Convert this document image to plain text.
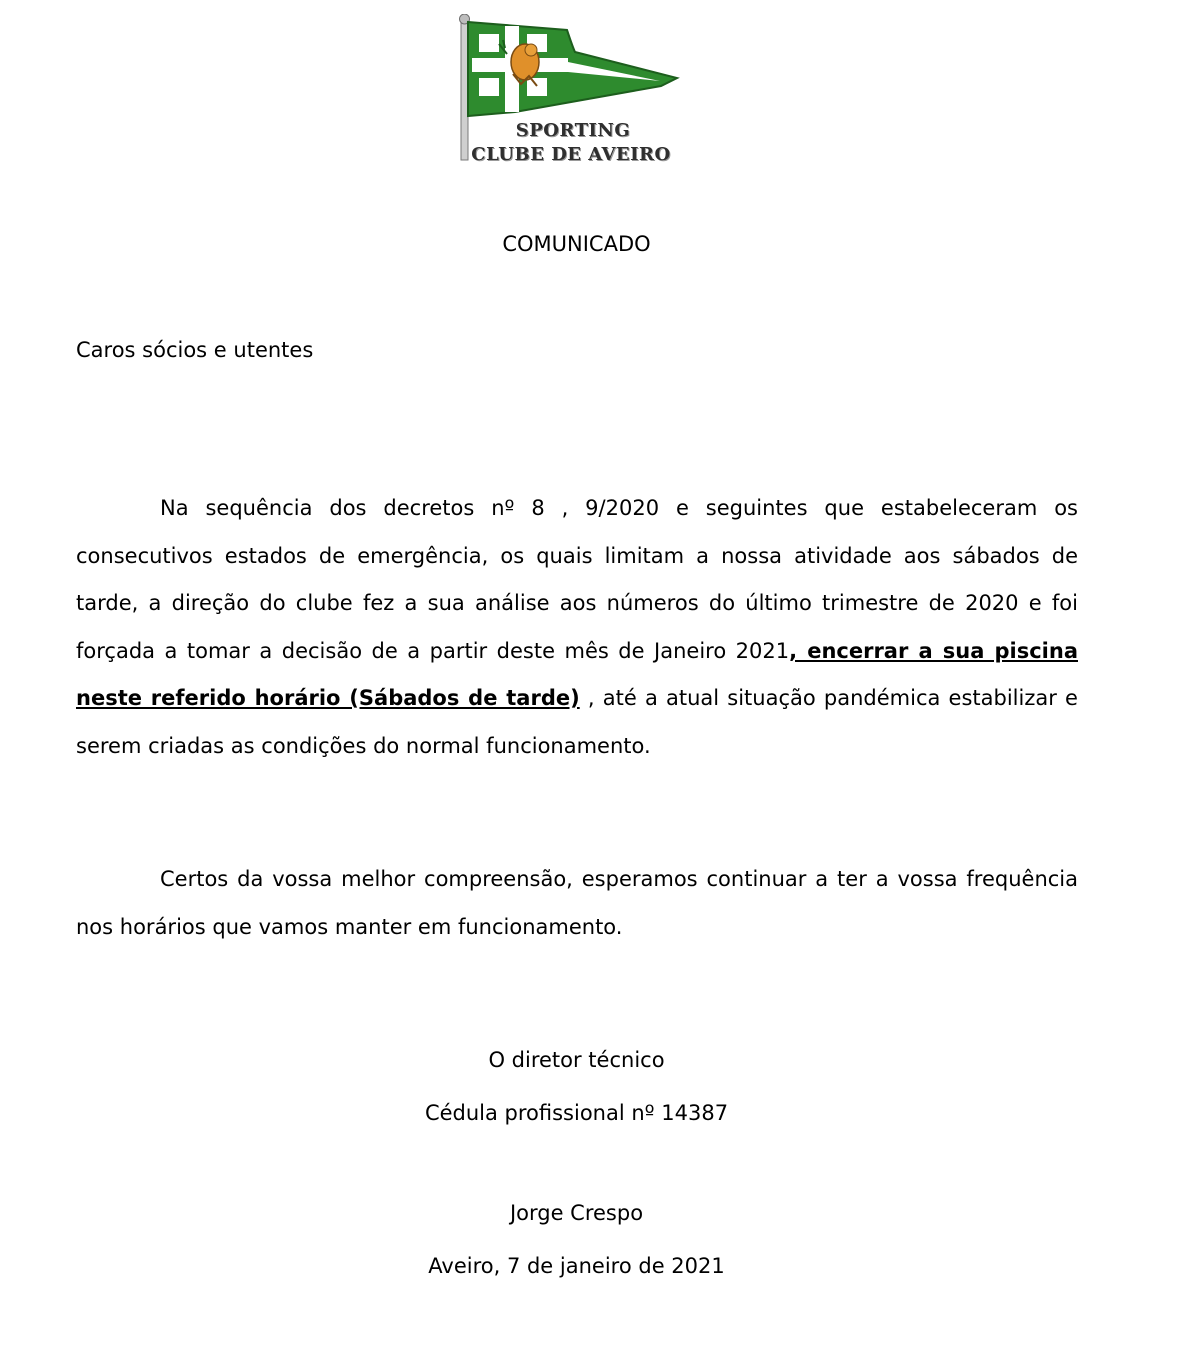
SPORTING
CLUBE DE AVEIRO
COMUNICADO
Caros sócios e utentes

Na sequência dos decretos nº 8 , 9/2020 e seguintes que estabeleceram os consecutivos estados de emergência, os quais limitam a nossa atividade aos sábados de tarde, a direção do clube fez a sua análise aos números do último trimestre de 2020 e foi forçada a tomar a decisão de a partir deste mês de Janeiro 2021, encerrar a sua piscina neste referido horário (Sábados de tarde) , até a atual situação pandémica estabilizar e serem criadas as condições do normal funcionamento.

Certos da vossa melhor compreensão, esperamos continuar a ter a vossa frequência nos horários que vamos manter em funcionamento.

O diretor técnico
Cédula profissional nº 14387
Jorge Crespo
Aveiro, 7 de janeiro de 2021
